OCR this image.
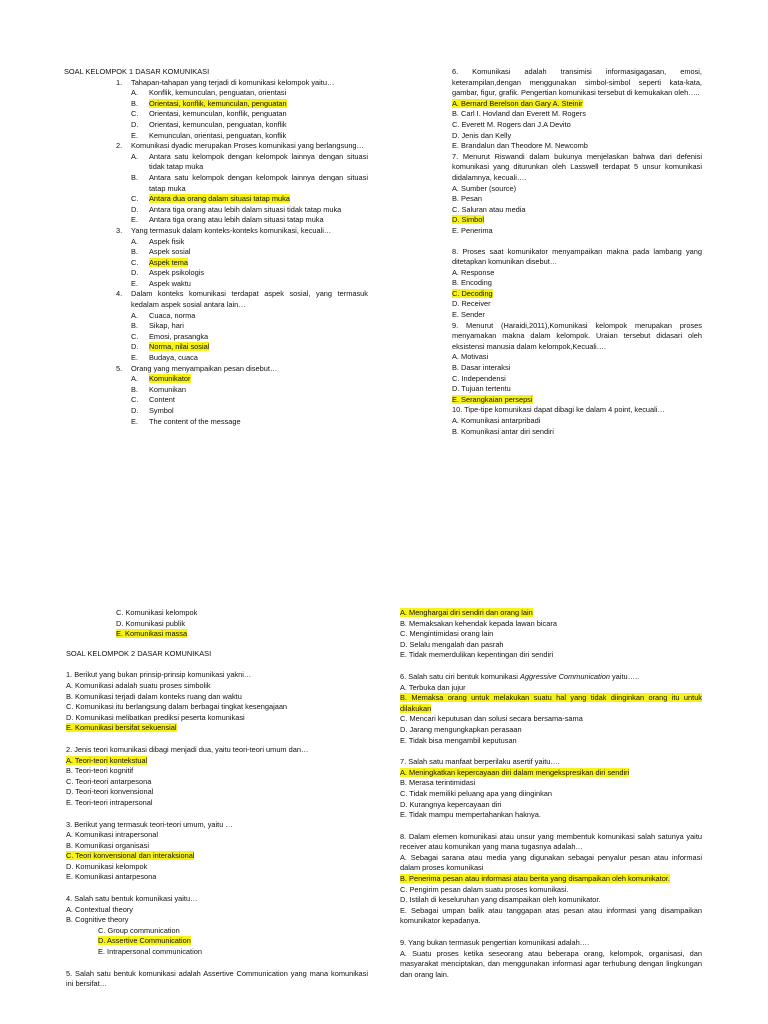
SOAL KELOMPOK 1 DASAR KOMUNIKASI
1.	Tahapan-tahapan yang terjadi di komunikasi kelompok yaitu…
A.	Konflik, kemunculan, penguatan, orientasi
B.	Orientasi, konflik, kemunculan, penguatan
C.	Orientasi, kemunculan, konflik, penguatan
D.	Orientasi, kemunculan, penguatan, konflik
E.	Kemunculan, orientasi, penguatan, konflik
2.	Komunikasi dyadic merupakan Proses komunikasi yang berlangsung…
A.	Antara satu kelompok dengan kelompok lainnya dengan situasi tidak tatap muka
B.	Antara satu kelompok dengan kelompok lainnya dengan situasi tatap muka
C.	Antara dua orang dalam situasi tatap muka
D.	Antara tiga orang atau lebih dalam situasi tidak tatap muka
E.	Antara tiga orang atau lebih dalam situasi tatap muka
3.	Yang termasuk dalam konteks-konteks komunikasi, kecuali…
A.	Aspek fisik
B.	Aspek sosial
C.	Aspek tema
D.	Aspek psikologis
E.	Aspek waktu
4.	Dalam konteks komunikasi terdapat aspek sosial, yang termasuk kedalam aspek sosial antara lain…
A.	Cuaca, norma
B.	Sikap, hari
C.	Emosi, prasangka
D.	Norma, nilai sosial
E.	Budaya, cuaca
5.	Orang yang menyampaikan pesan disebut…
A.	Komunikator
B.	Komunikan
C.	Content
D.	Symbol
E.	The content of the message
6. Komunikasi adalah transimisi informasigagasan, emosi, keterampilan,dengan menggunakan simbol-simbol seperti kata-kata, gambar, figur, grafik. Pengertian komunikasi tersebut di kemukakan oleh…..
A. Bernard Berelson dan Gary A. Steinir
B. Carl I. Hovland dan Everett M. Rogers
C. Everett M. Rogers dan J.A Devito
D. Jenis dan Kelly
E. Brandalun dan Theodore M. Newcomb
7. Menurut Riswandi dalam bukunya menjelaskan bahwa dari defenisi komunikasi yang diturunkan oleh Lasswell terdapat 5 unsur komunikasi didalamnya, kecuali….
A. Sumber (source)
B. Pesan
C. Saluran atau media
D. Simbol
E. Penerima
8. Proses saat komunikator menyampaikan makna pada lambang yang ditetapkan komunikan disebut…
A. Response
B. Encoding
C. Decoding
D. Receiver
E. Sender
9. Menurut (Haraidi,2011),Komunikasi kelompok merupakan proses menyamakan makna dalam kelompok. Uraian tersebut didasari oleh eksistensi manusia dalam kelompok,Kecuali….
A. Motivasi
B. Dasar interaksi
C. Independensi
D. Tujuan tertentu
E. Serangkaian persepsi
10. Tipe-tipe komunikasi dapat dibagi ke dalam 4 point, kecuali…
A. Komunikasi antarpribadi
B. Komunikasi antar diri sendiri
C. Komunikasi kelompok
D. Komunikasi publik
E. Komunikasi massa
SOAL KELOMPOK 2 DASAR KOMUNIKASI
1. Berikut yang bukan prinsip-prinsip komunikasi yakni…
A. Komunikasi adalah suatu proses simbolik
B. Komunikasi terjadi dalam konteks ruang dan waktu
C. Komunikasi itu berlangsung dalam berbagai tingkat kesengajaan
D. Komunikasi melibatkan prediksi peserta komunikasi
E. Komunikasi bersifat sekuensial
2. Jenis teori komunikasi dibagi menjadi dua, yaitu teori-teori umum dan…
A. Teori-teori kontekstual
B. Teori-teori kognitif
C. Teori-teori antarpesona
D. Teori-teori konvensional
E. Teori-teori intrapersonal
3. Berikut yang termasuk teori-teori umum, yaitu …
A. Komunikasi intrapersonal
B. Komunikasi organisasi
C. Teori konvensional dan interaksional
D. Komunikasi kelompok
E. Komunikasi antarpesona
4. Salah satu bentuk komunikasi yaitu…
A. Contextual theory
B. Cognitive theory
C. Group communication
D. Assertive Communication
E. Intrapersonal communication
5. Salah satu bentuk komunikasi adalah Assertive Communication yang mana komunikasi ini bersifat…
A. Menghargai diri sendiri dan orang lain
B. Memaksakan kehendak kepada lawan bicara
C. Mengintimidasi orang lain
D. Selalu mengalah dan pasrah
E. Tidak memerdulikan kepentingan diri sendiri
6. Salah satu ciri bentuk komunikasi Aggressive Communication yaitu…..
A. Terbuka dan jujur
B. Memaksa orang untuk melakukan suatu hal yang tidak diinginkan orang itu untuk dilakukan
C. Mencari keputusan dan solusi secara bersama-sama
D. Jarang mengungkapkan perasaan
E. Tidak bisa mengambil keputusan
7. Salah satu manfaat berperilaku asertif yaitu….
A. Meningkatkan kepercayaan diri dalam mengekspresikan diri sendiri
B. Merasa terintimidasi
C. Tidak memiliki peluang apa yang diinginkan
D. Kurangnya kepercayaan diri
E. Tidak mampu mempertahankan haknya.
8. Dalam elemen komunikasi atau unsur yang membentuk komunikasi salah satunya yaitu receiver atau komunikan yang mana tugasnya adalah…
A. Sebagai sarana atau media yang digunakan sebagai penyalur pesan atau informasi dalam proses komunikasi
B. Penerima pesan atau informasi atau berita yang disampaikan oleh komunikator.
C. Pengirim pesan dalam suatu proses komunikasi.
D. Istilah di keseluruhan yang disampaikan oleh komunikator.
E. Sebagai umpan balik atau tanggapan atas pesan atau informasi yang disampaikan komunikator kepadanya.
9. Yang bukan termasuk pengertian komunikasi adalah….
A. Suatu proses ketika seseorang atau beberapa orang, kelompok, organisasi, dan masyarakat menciptakan, dan menggunakan informasi agar terhubung dengan lingkungan dan orang lain.
